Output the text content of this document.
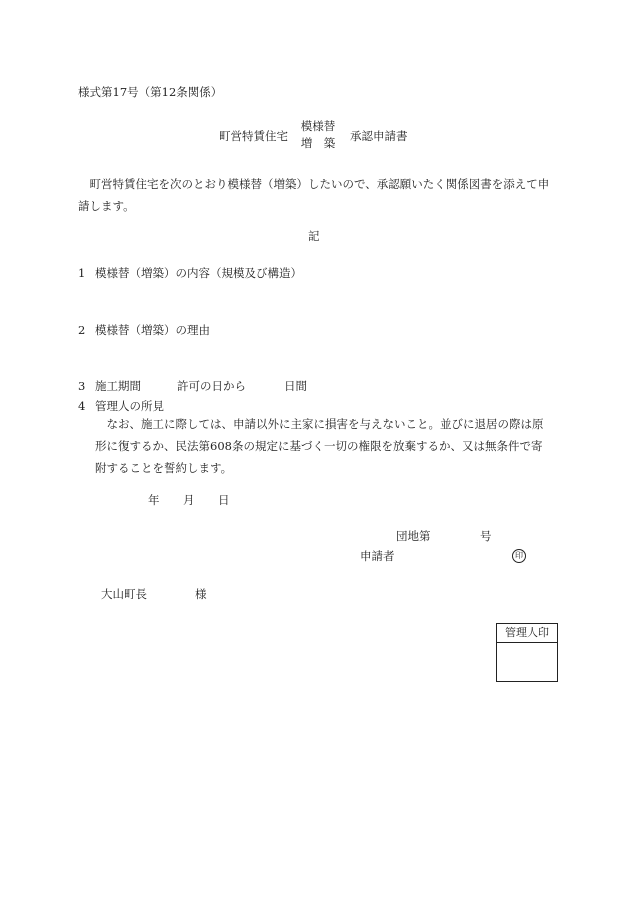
様式第17号（第12条関係）
町営特賃住宅
模様替
増　築	承認申請書
町営特賃住宅を次のとおり模様替（増築）したいので、承認願いたく関係図書を添えて申請します。
記
1 模様替（増築）の内容（規模及び構造）
2 模様替（増築）の理由
3 施工期間	許可の日から	日間
4 管理人の所見
なお、施工に際しては、申請以外に主家に損害を与えないこと。並びに退居の際は原形に復するか、民法第608条の規定に基づく一切の権限を放棄するか、又は無条件で寄附することを誓約します。
年 月 日
団地第	号
申請者	印
大山町長	様
管理人印
